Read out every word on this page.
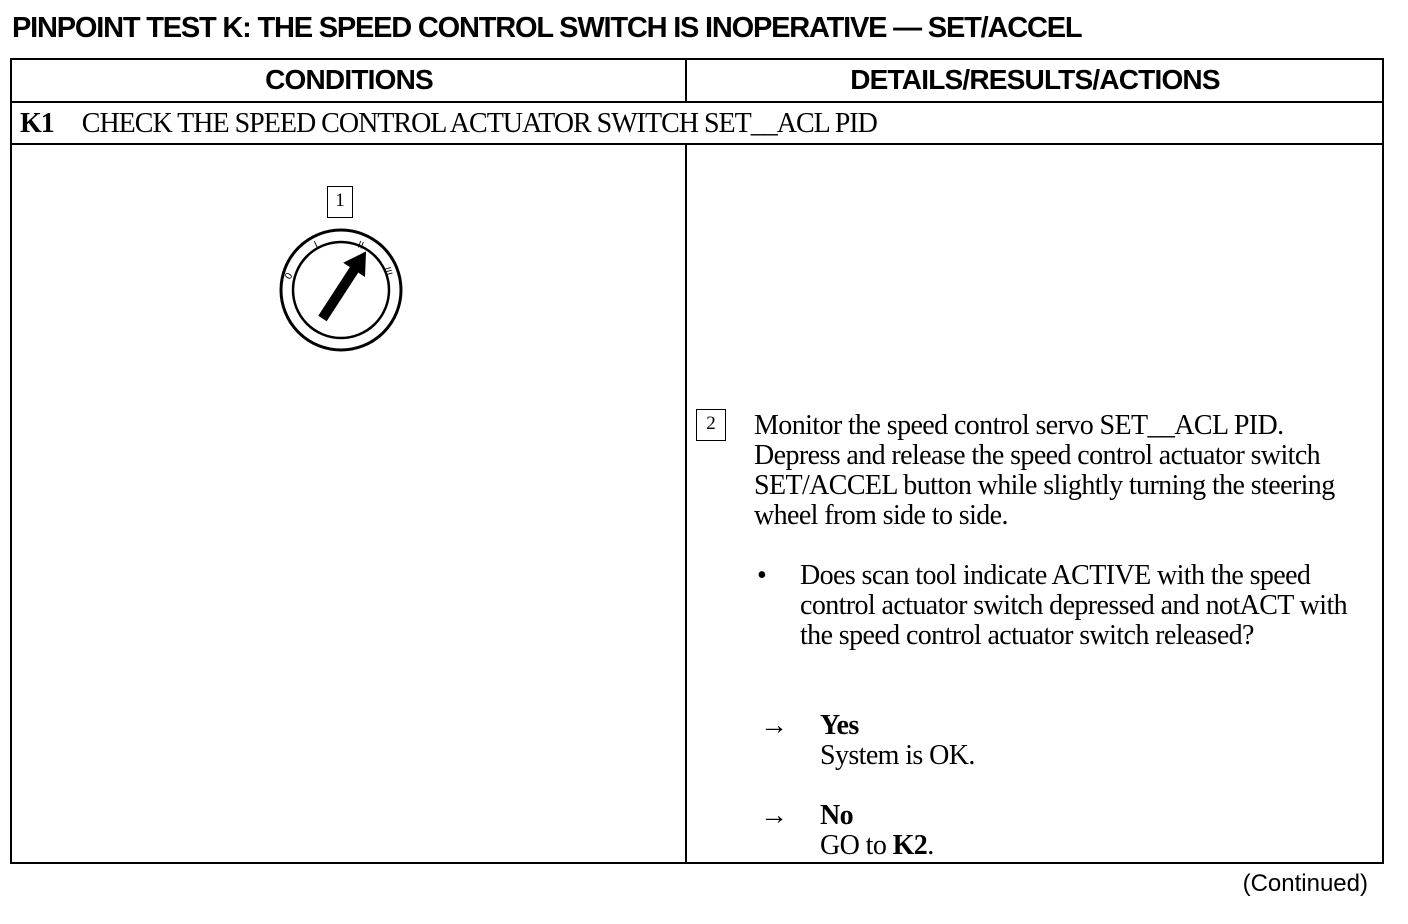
PINPOINT TEST K: THE SPEED CONTROL SWITCH IS INOPERATIVE — SET/ACCEL
CONDITIONS	DETAILS/RESULTS/ACTIONS
K1 CHECK THE SPEED CONTROL ACTUATOR SWITCH SET__ACL PID
1
0
I	II
III
2	Monitor the speed control servo SET__ACL PID. Depress and release the speed control actuator switch SET/ACCEL button while slightly turning the steering wheel from side to side.
• Does scan tool indicate ACTIVE with the speed control actuator switch depressed and notACT with the speed control actuator switch released?
→ Yes
System is OK.
→ No
GO to K2.
(Continued)
